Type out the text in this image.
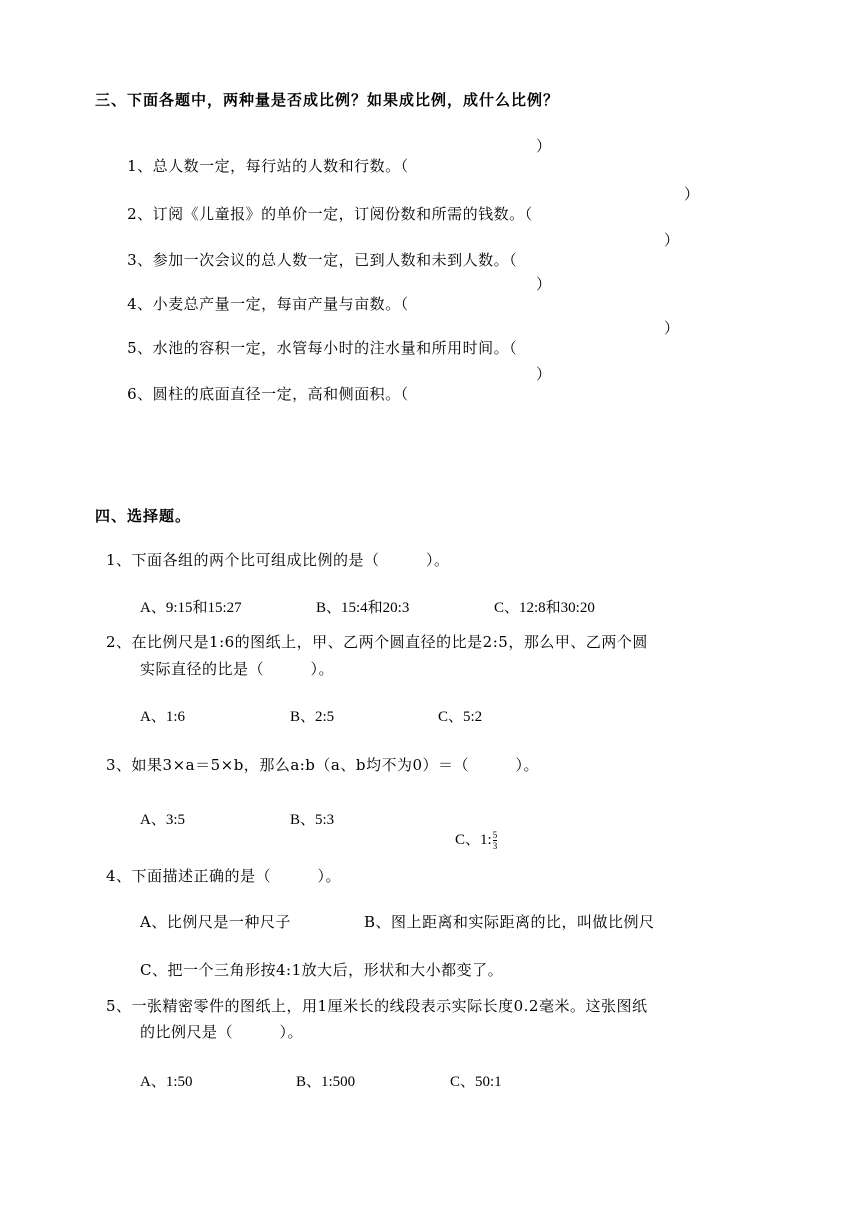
三、下面各题中，两种量是否成比例？如果成比例，成什么比例？

1、总人数一定，每行站的人数和行数。（

）

2、订阅《儿童报》的单价一定，订阅份数和所需的钱数。（

）

3、参加一次会议的总人数一定，已到人数和未到人数。（

）

4、小麦总产量一定，每亩产量与亩数。（

）

5、水池的容积一定，水管每小时的注水量和所用时间。（

）

6、圆柱的底面直径一定，高和侧面积。（

）
四、选择题。
1、下面各组的两个比可组成比例的是（　　　）。
A、9:15和15:27	B、15:4和20:3	C、12:8和30:20
2、在比例尺是1:6的图纸上，甲、乙两个圆直径的比是2:5，那么甲、乙两个圆
实际直径的比是（　　　）。
A、1:6	B、2:5	C、5:2
3、如果3×a＝5×b，那么a:b（a、b均不为0）＝（　　　）。
A、3:5	B、5:3

C、1: $\frac{5}{3}$

4、下面描述正确的是（　　　）。
A、比例尺是一种尺子	B、图上距离和实际距离的比，叫做比例尺
C、把一个三角形按4:1放大后，形状和大小都变了。
5、一张精密零件的图纸上，用1厘米长的线段表示实际长度0.2毫米。这张图纸
的比例尺是（　　　）。
A、1:50	B、1:500	C、50:1
